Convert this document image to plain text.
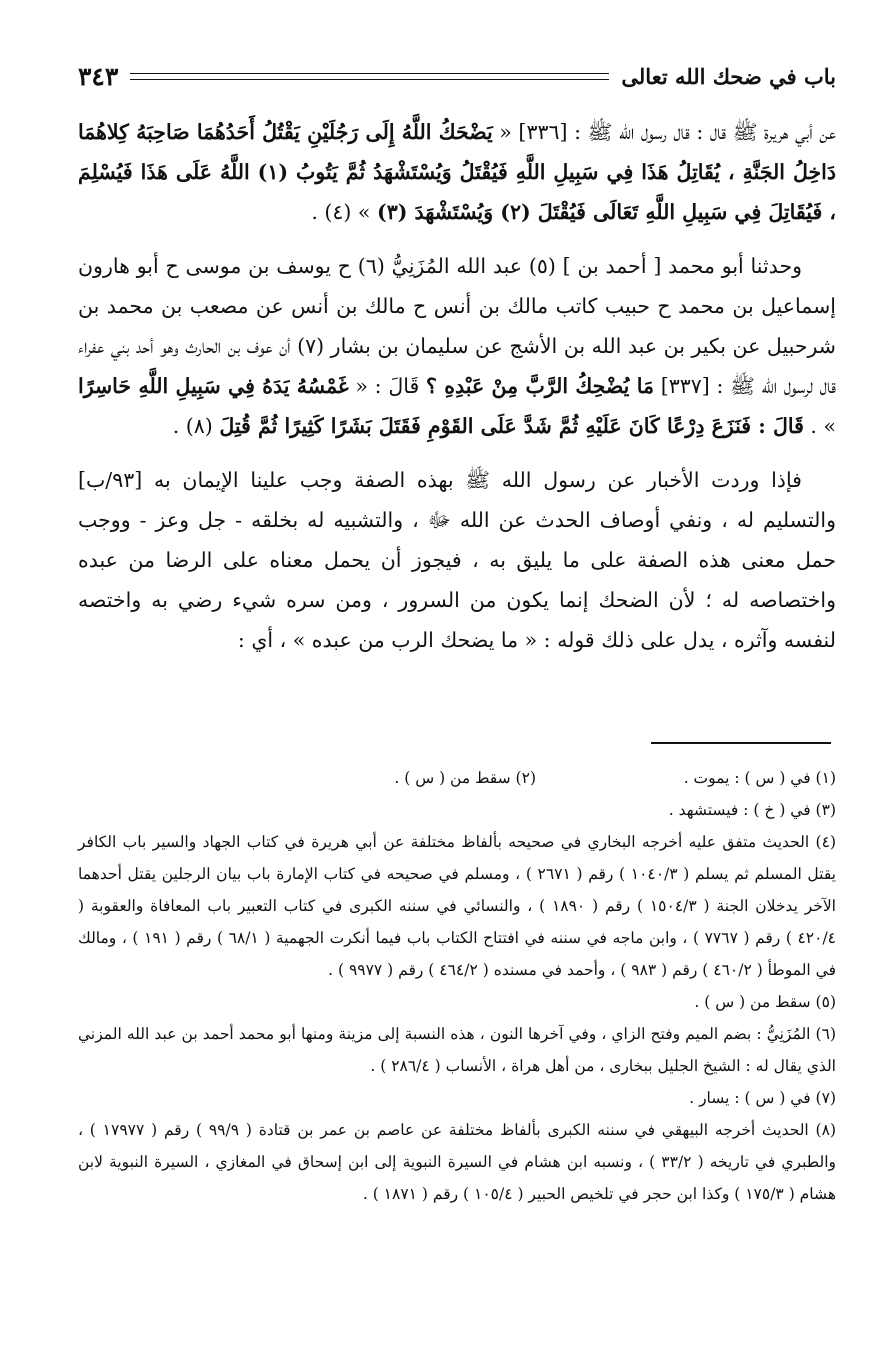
باب في ضحك الله تعالى
٣٤٣

عن أبي هريرة ﷺ قال : قال رسول الله ﷺ : [٣٣٦] « يَضْحَكُ اللَّهُ إِلَى رَجُلَيْنِ يَقْتُلُ أَحَدُهُمَا صَاحِبَهُ كِلاهُمَا دَاخِلُ الجَنَّةِ ، يُقَاتِلُ هَذَا فِي سَبِيلِ اللَّهِ فَيُقْتَلُ وَيُسْتَشْهَدُ ثُمَّ يَتُوبُ (١) اللَّهُ عَلَى هَذَا فَيُسْلِمَ ، فَيُقَاتِلَ فِي سَبِيلِ اللَّهِ تَعَالَى فَيُقْتَلَ (٢) وَيُسْتَشْهَدَ (٣) » (٤) .

وحدثنا أبو محمد [ أحمد بن ] (٥) عبد الله المُزَنِيُّ (٦) ح يوسف بن موسى ح أبو هارون إسماعيل بن محمد ح حبيب كاتب مالك بن أنس ح مالك بن أنس عن مصعب بن محمد بن شرحبيل عن بكير بن عبد الله بن الأشج عن سليمان بن بشار (٧) أن عوف بن الحارث وهو أحد بني عفراء قال لرسول الله ﷺ : [٣٣٧] مَا يُضْحِكُ الرَّبَّ مِنْ عَبْدِهِ ؟ قَالَ : « غَمْسُهُ يَدَهُ فِي سَبِيلِ اللَّهِ حَاسِرًا » . قَالَ : فَنَزَعَ دِرْعًا كَانَ عَلَيْهِ ثُمَّ شَدَّ عَلَى القَوْمِ فَقَتَلَ بَشَرًا كَثِيرًا ثُمَّ قُتِلَ (٨) .

فإذا وردت الأخبار عن رسول الله ﷺ بهذه الصفة وجب علينا الإيمان به [٩٣/ب] والتسليم له ، ونفي أوصاف الحدث عن الله ﷻ ، والتشبيه له بخلقه - جل وعز - ووجب حمل معنى هذه الصفة على ما يليق به ، فيجوز أن يحمل معناه على الرضا من عبده واختصاصه له ؛ لأن الضحك إنما يكون من السرور ، ومن سره شيء رضي به واختصه لنفسه وآثره ، يدل على ذلك قوله : « ما يضحك الرب من عبده » ، أي :

(١) في ( س ) : يموت .
(٢) سقط من ( س ) .

(٣) في ( خ ) : فيستشهد .

(٤) الحديث متفق عليه أخرجه البخاري في صحيحه بألفاظ مختلفة عن أبي هريرة في كتاب الجهاد والسير باب الكافر يقتل المسلم ثم يسلم ( ١٠٤٠/٣ ) رقم ( ٢٦٧١ ) ، ومسلم في صحيحه في كتاب الإمارة باب بيان الرجلين يقتل أحدهما الآخر يدخلان الجنة ( ١٥٠٤/٣ ) رقم ( ١٨٩٠ ) ، والنسائي في سننه الكبرى في كتاب التعبير باب المعافاة والعقوبة ( ٤٢٠/٤ ) رقم ( ٧٧٦٧ ) ، وابن ماجه في سننه في افتتاح الكتاب باب فيما أنكرت الجهمية ( ٦٨/١ ) رقم ( ١٩١ ) ، ومالك في الموطأ ( ٤٦٠/٢ ) رقم ( ٩٨٣ ) ، وأحمد في مسنده ( ٤٦٤/٢ ) رقم ( ٩٩٧٧ ) .

(٥) سقط من ( س ) .

(٦) المُزَنِيُّ : بضم الميم وفتح الزاي ، وفي آخرها النون ، هذه النسبة إلى مزينة ومنها أبو محمد أحمد بن عبد الله المزني الذي يقال له : الشيخ الجليل ببخارى ، من أهل هراة ، الأنساب ( ٢٨٦/٤ ) .

(٧) في ( س ) : يسار .

(٨) الحديث أخرجه البيهقي في سننه الكبرى بألفاظ مختلفة عن عاصم بن عمر بن قتادة ( ٩٩/٩ ) رقم ( ١٧٩٧٧ ) ، والطبري في تاريخه ( ٣٣/٢ ) ، ونسبه ابن هشام في السيرة النبوية إلى ابن إسحاق في المغازي ، السيرة النبوية لابن هشام ( ١٧٥/٣ ) وكذا ابن حجر في تلخيص الحبير ( ١٠٥/٤ ) رقم ( ١٨٧١ ) .
